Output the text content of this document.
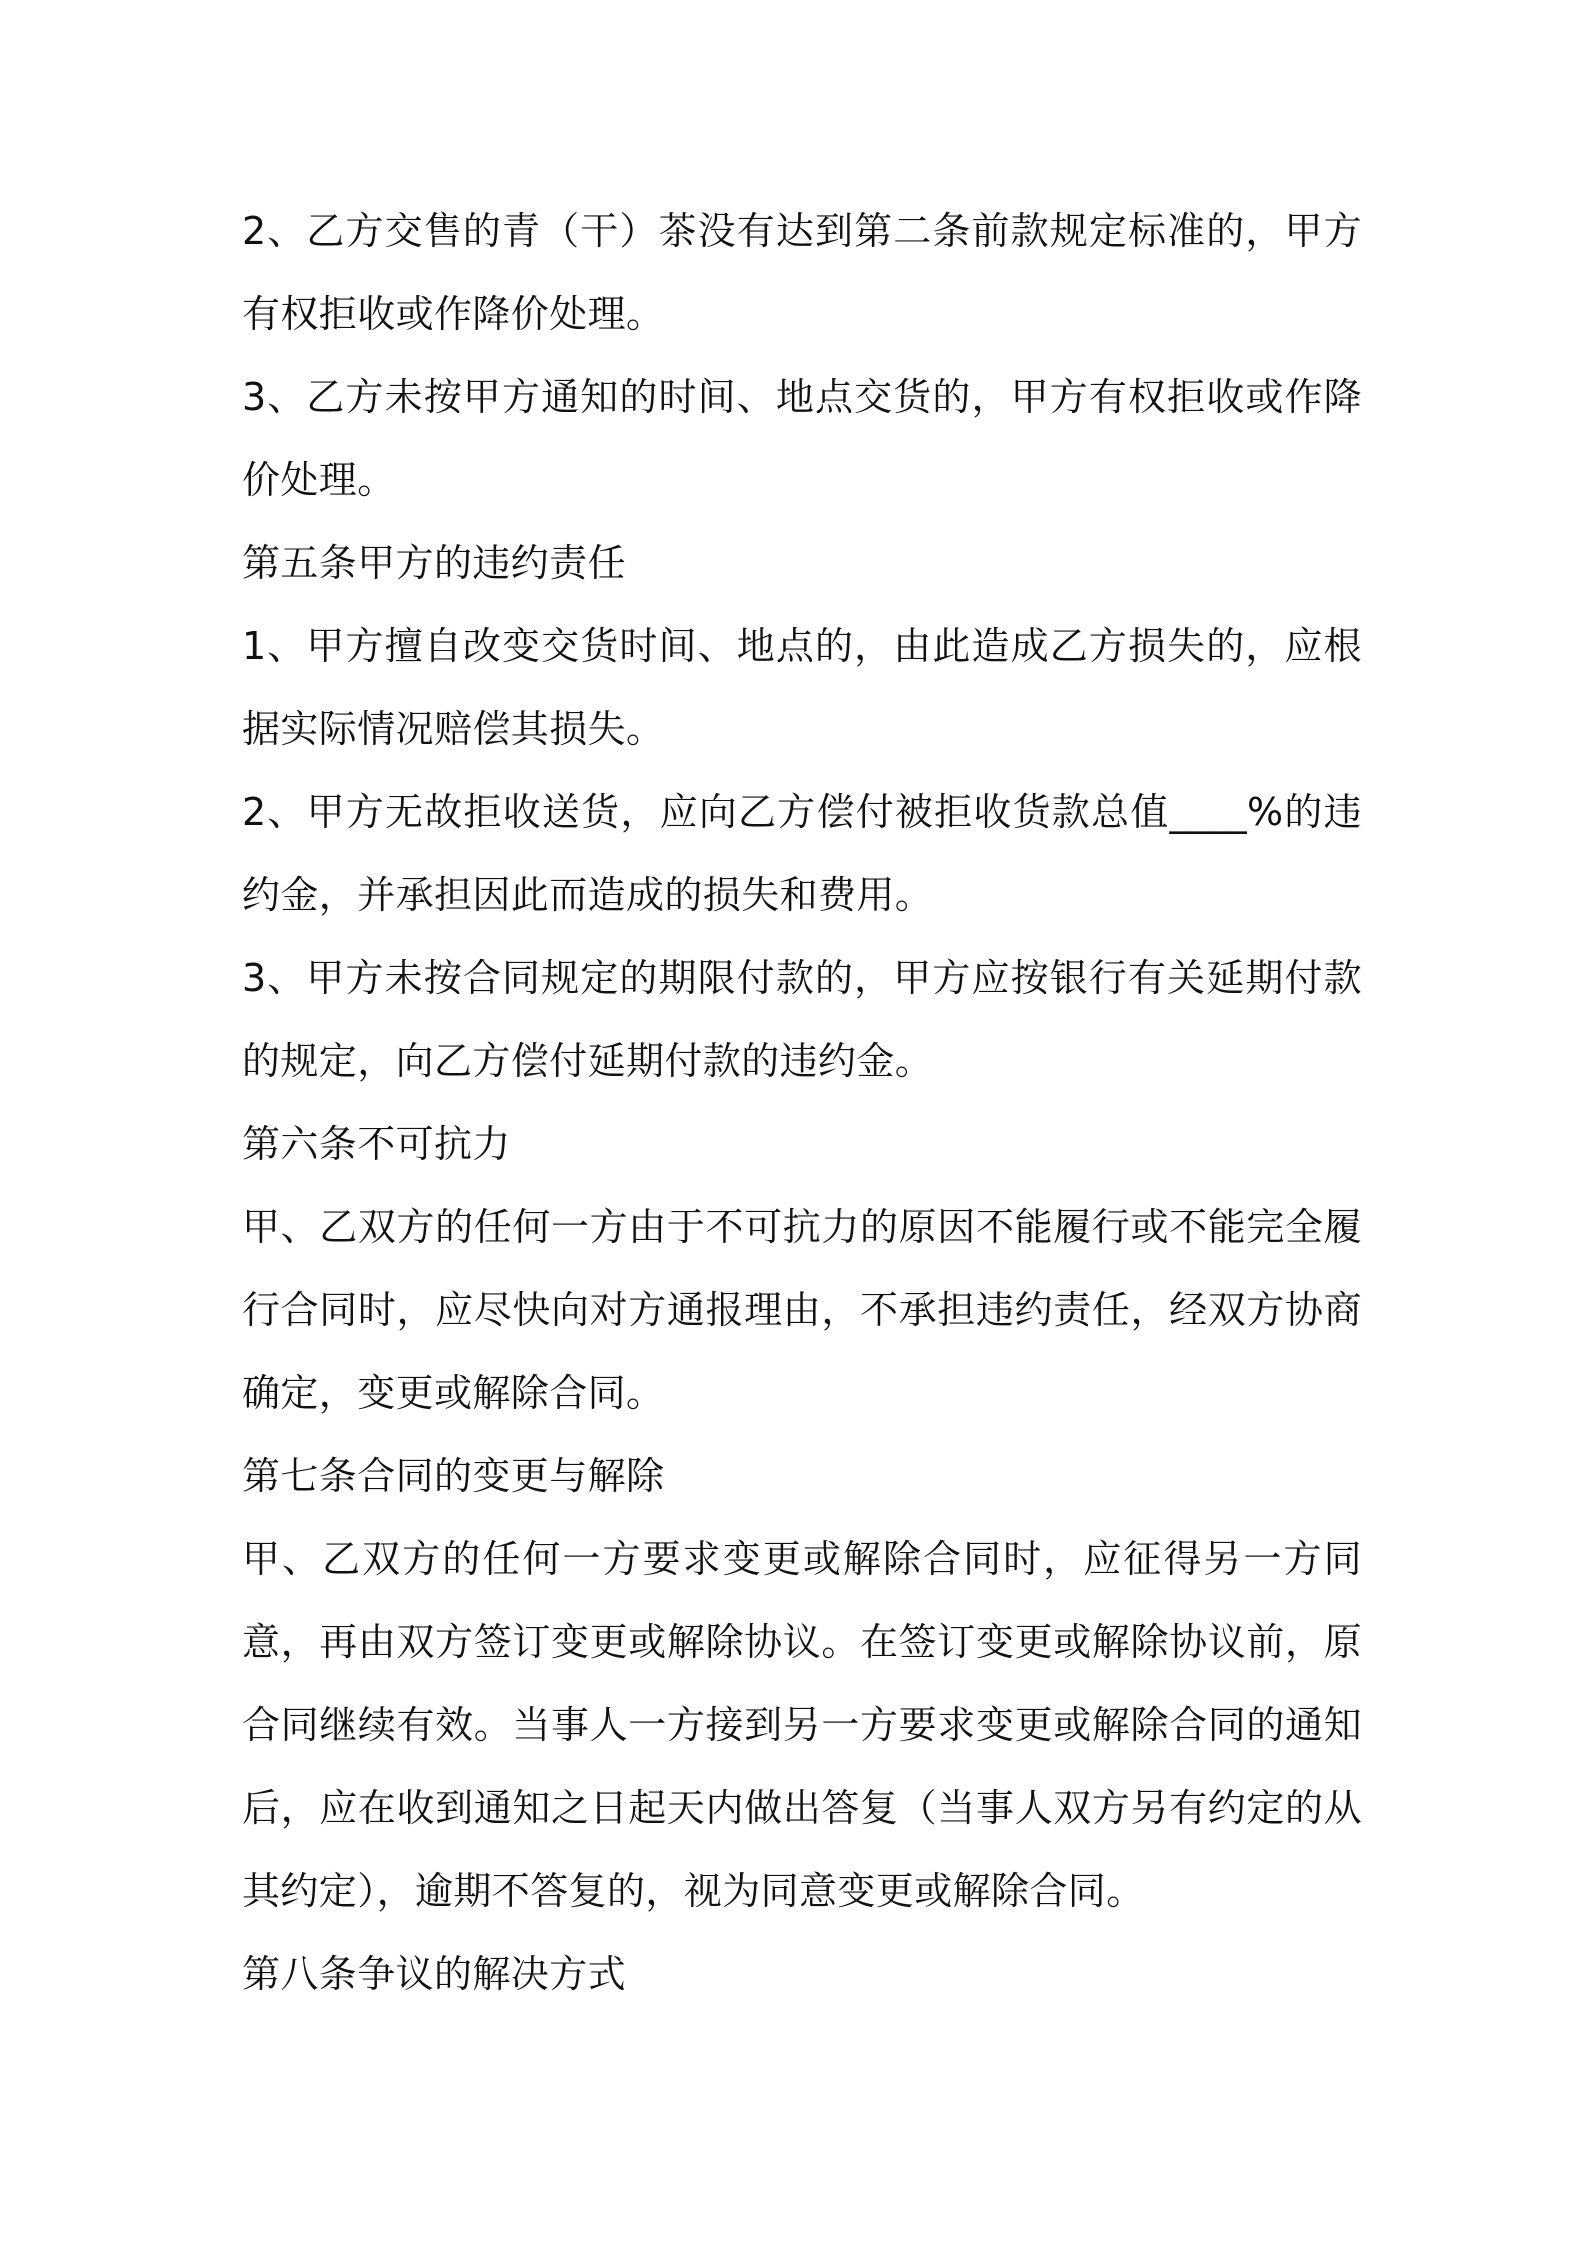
2、乙方交售的青（干）茶没有达到第二条前款规定标准的，甲方有权拒收或作降价处理。

3、乙方未按甲方通知的时间、地点交货的，甲方有权拒收或作降价处理。

第五条甲方的违约责任

1、甲方擅自改变交货时间、地点的，由此造成乙方损失的，应根据实际情况赔偿其损失。

2、甲方无故拒收送货，应向乙方偿付被拒收货款总值____%的违约金，并承担因此而造成的损失和费用。

3、甲方未按合同规定的期限付款的，甲方应按银行有关延期付款的规定，向乙方偿付延期付款的违约金。

第六条不可抗力

甲、乙双方的任何一方由于不可抗力的原因不能履行或不能完全履行合同时，应尽快向对方通报理由，不承担违约责任，经双方协商确定，变更或解除合同。

第七条合同的变更与解除

甲、乙双方的任何一方要求变更或解除合同时，应征得另一方同意，再由双方签订变更或解除协议。在签订变更或解除协议前，原合同继续有效。当事人一方接到另一方要求变更或解除合同的通知后，应在收到通知之日起天内做出答复（当事人双方另有约定的从其约定），逾期不答复的，视为同意变更或解除合同。

第八条争议的解决方式
